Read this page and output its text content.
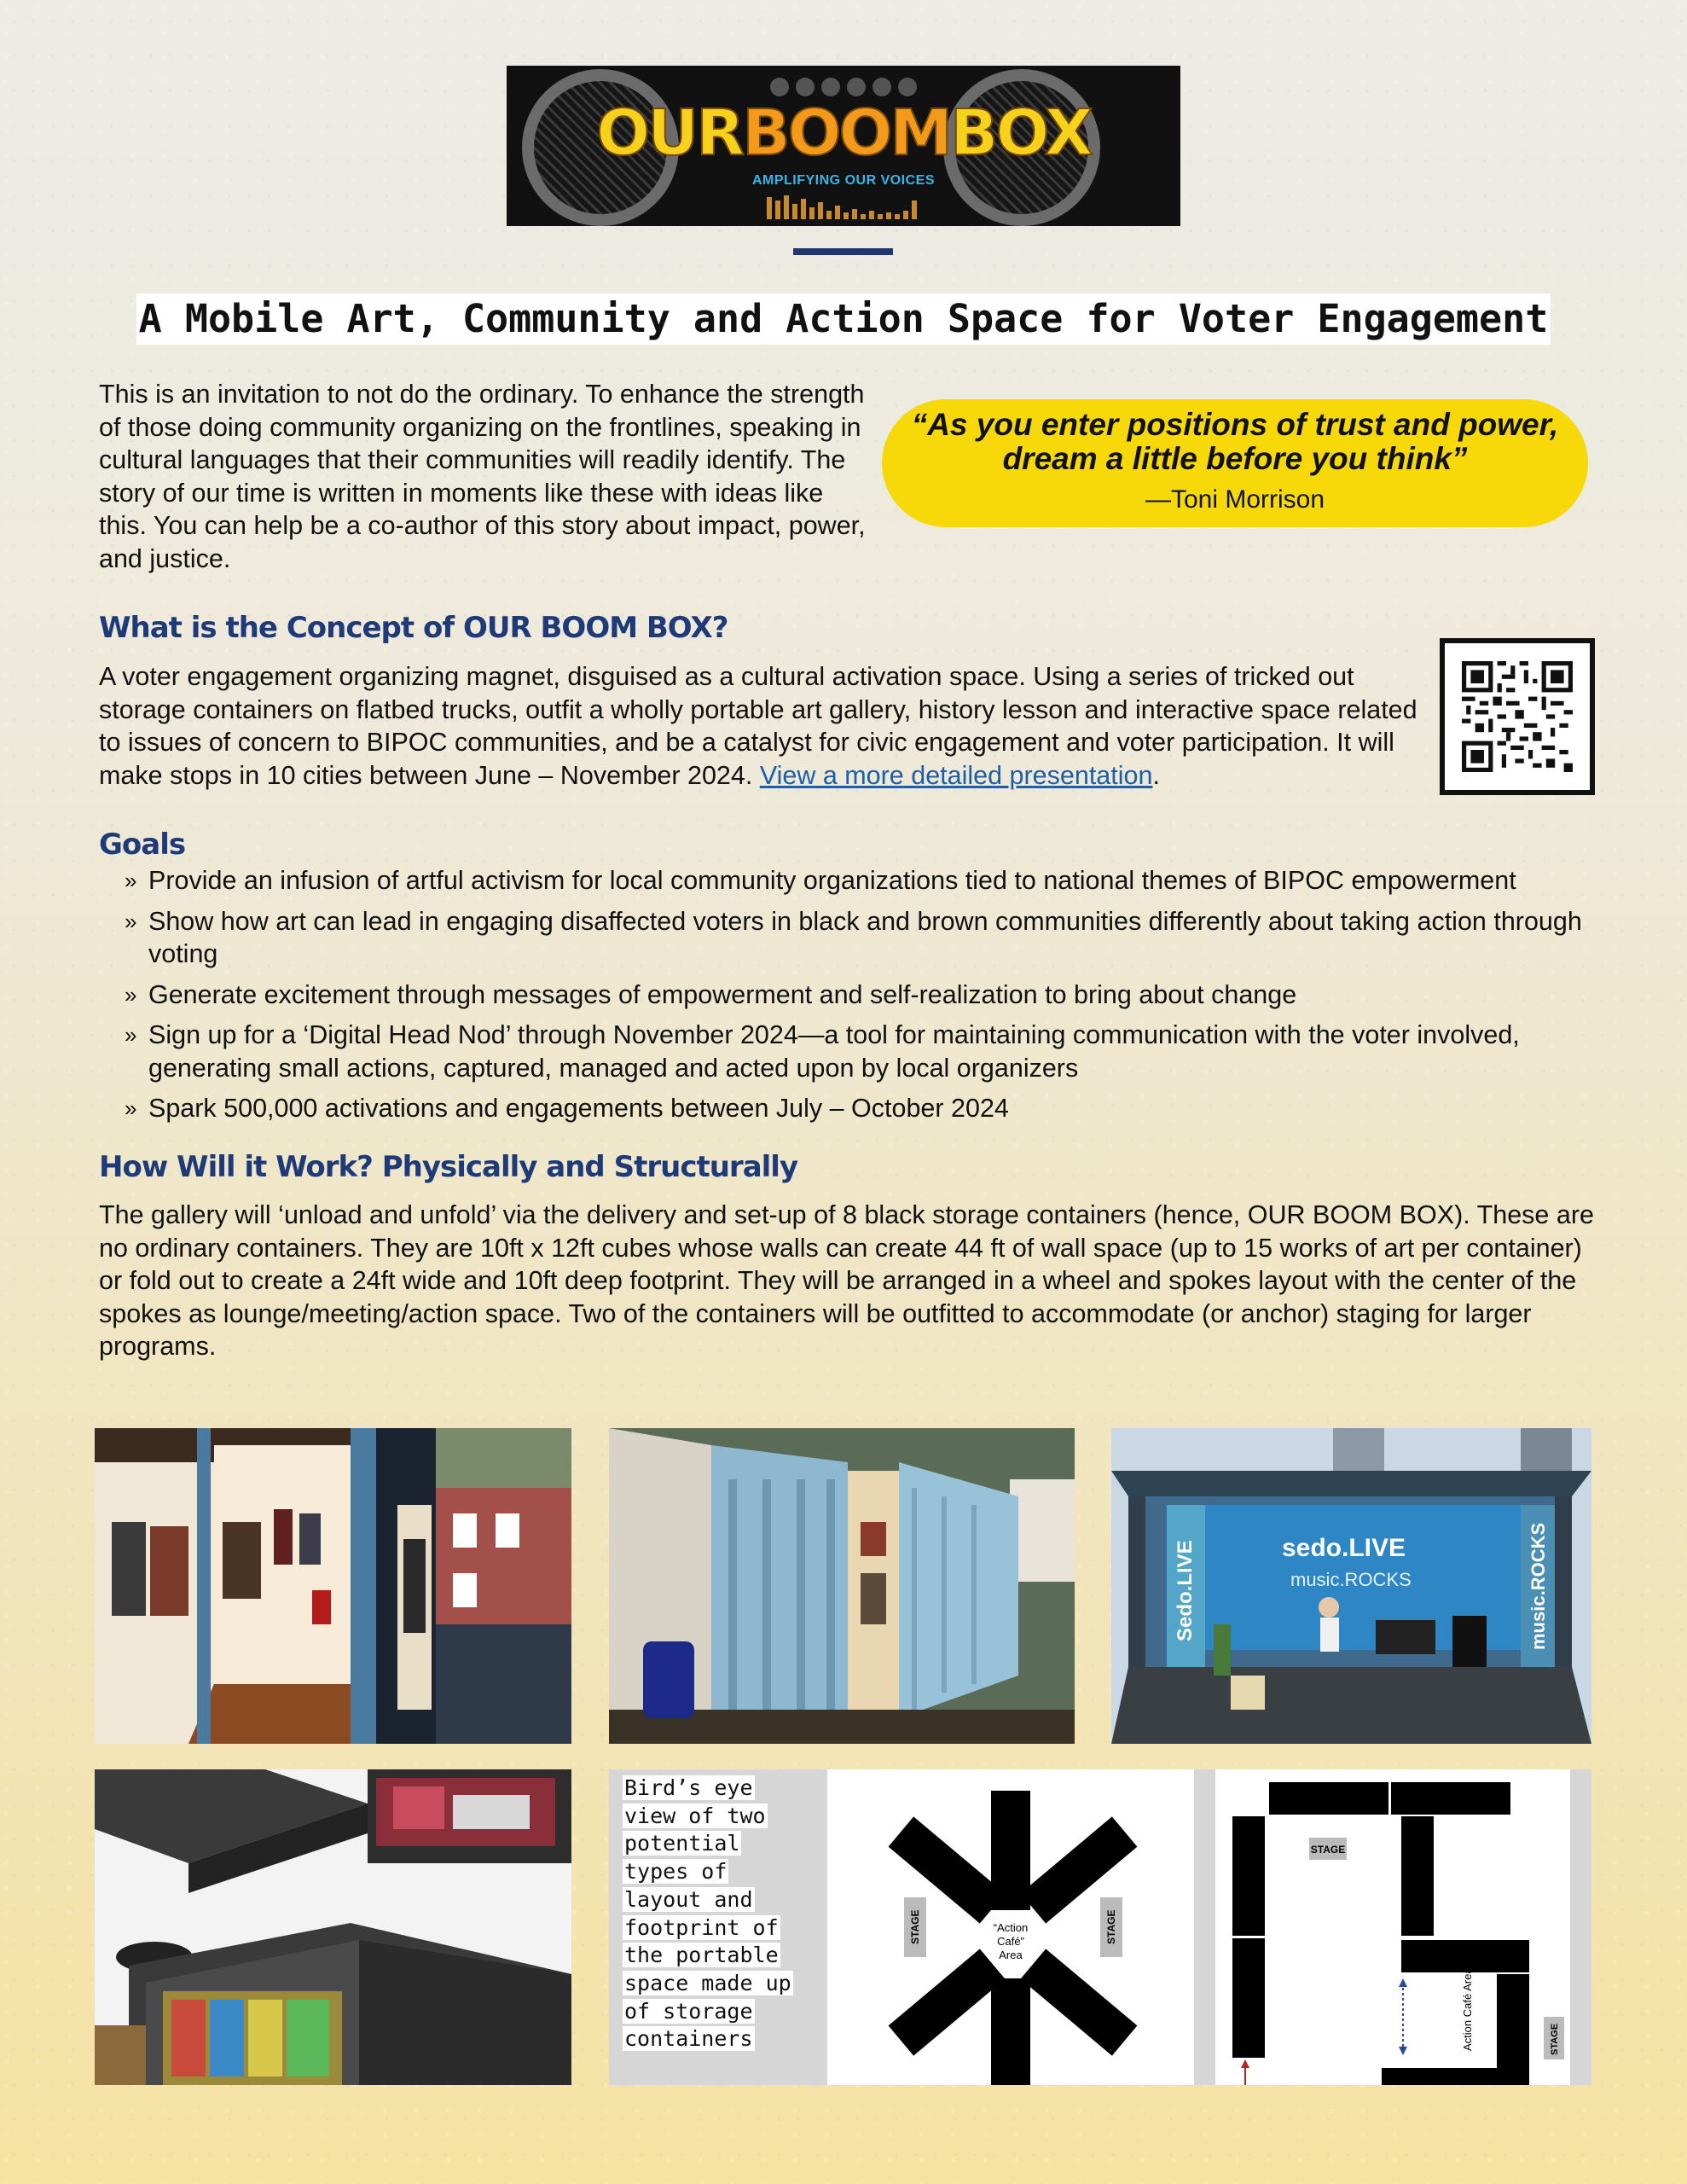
OURBOOMBOX
AMPLIFYING OUR VOICES
A Mobile Art, Community and Action Space for Voter Engagement
This is an invitation to not do the ordinary. To enhance the strength of those doing community organizing on the frontlines, speaking in cultural languages that their communities will readily identify. The story of our time is written in moments like these with ideas like this. You can help be a co-author of this story about impact, power, and justice.
“As you enter positions of trust and power, dream a little before you think”
—Toni Morrison
What is the Concept of OUR BOOM BOX?
A voter engagement organizing magnet, disguised as a cultural activation space. Using a series of tricked out storage containers on flatbed trucks, outfit a wholly portable art gallery, history lesson and interactive space related to issues of concern to BIPOC communities, and be a catalyst for civic engagement and voter participation. It will make stops in 10 cities between June – November 2024. View a more detailed presentation.
Goals
» Provide an infusion of artful activism for local community organizations tied to national themes of BIPOC empowerment
» Show how art can lead in engaging disaffected voters in black and brown communities differently about taking action through voting
» Generate excitement through messages of empowerment and self-realization to bring about change
» Sign up for a ‘Digital Head Nod’ through November 2024—a tool for maintaining communication with the voter involved, generating small actions, captured, managed and acted upon by local organizers
» Spark 500,000 activations and engagements between July – October 2024
How Will it Work? Physically and Structurally
The gallery will ‘unload and unfold’ via the delivery and set-up of 8 black storage containers (hence, OUR BOOM BOX). These are no ordinary containers. They are 10ft x 12ft cubes whose walls can create 44 ft of wall space (up to 15 works of art per container) or fold out to create a 24ft wide and 10ft deep footprint. They will be arranged in a wheel and spokes layout with the center of the spokes as lounge/meeting/action space. Two of the containers will be outfitted to accommodate (or anchor) staging for larger programs.
Sedo.LIVE	music.ROCKS
sedo.LIVE
music.ROCKS
Bird’s eye
view of two
potential
types of
layout and
footprint of
the portable
space made up
of storage
containers
STAGE	STAGE
“Action
Café”
Area
STAGE
STAGE
Action Café Area
